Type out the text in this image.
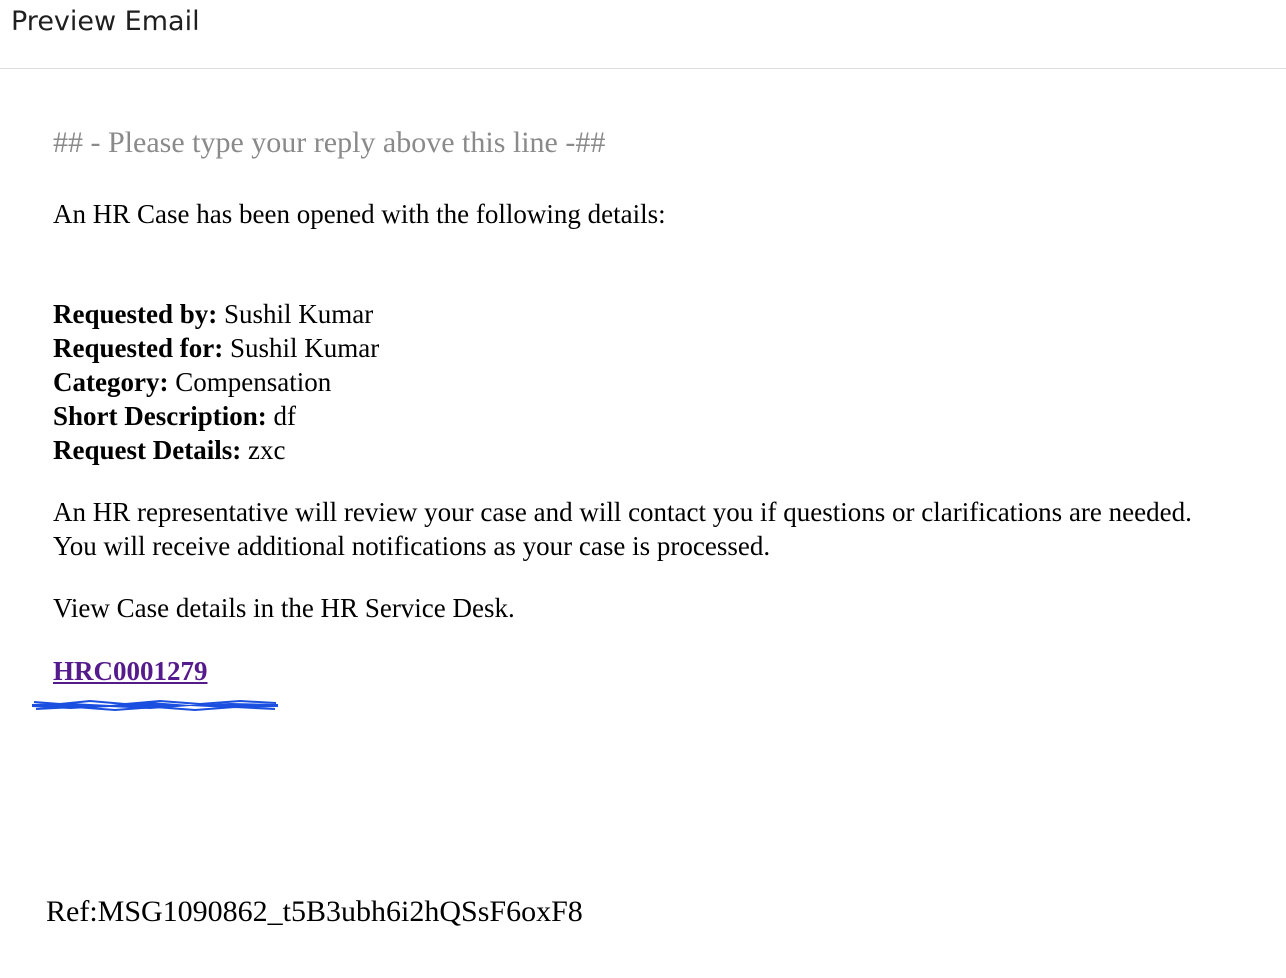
Preview Email
## - Please type your reply above this line -##
An HR Case has been opened with the following details:
Requested by: Sushil Kumar
Requested for: Sushil Kumar
Category: Compensation
Short Description: df
Request Details: zxc
An HR representative will review your case and will contact you if questions or clarifications are needed. You will receive additional notifications as your case is processed.
View Case details in the HR Service Desk.
HRC0001279
Ref:MSG1090862_t5B3ubh6i2hQSsF6oxF8
